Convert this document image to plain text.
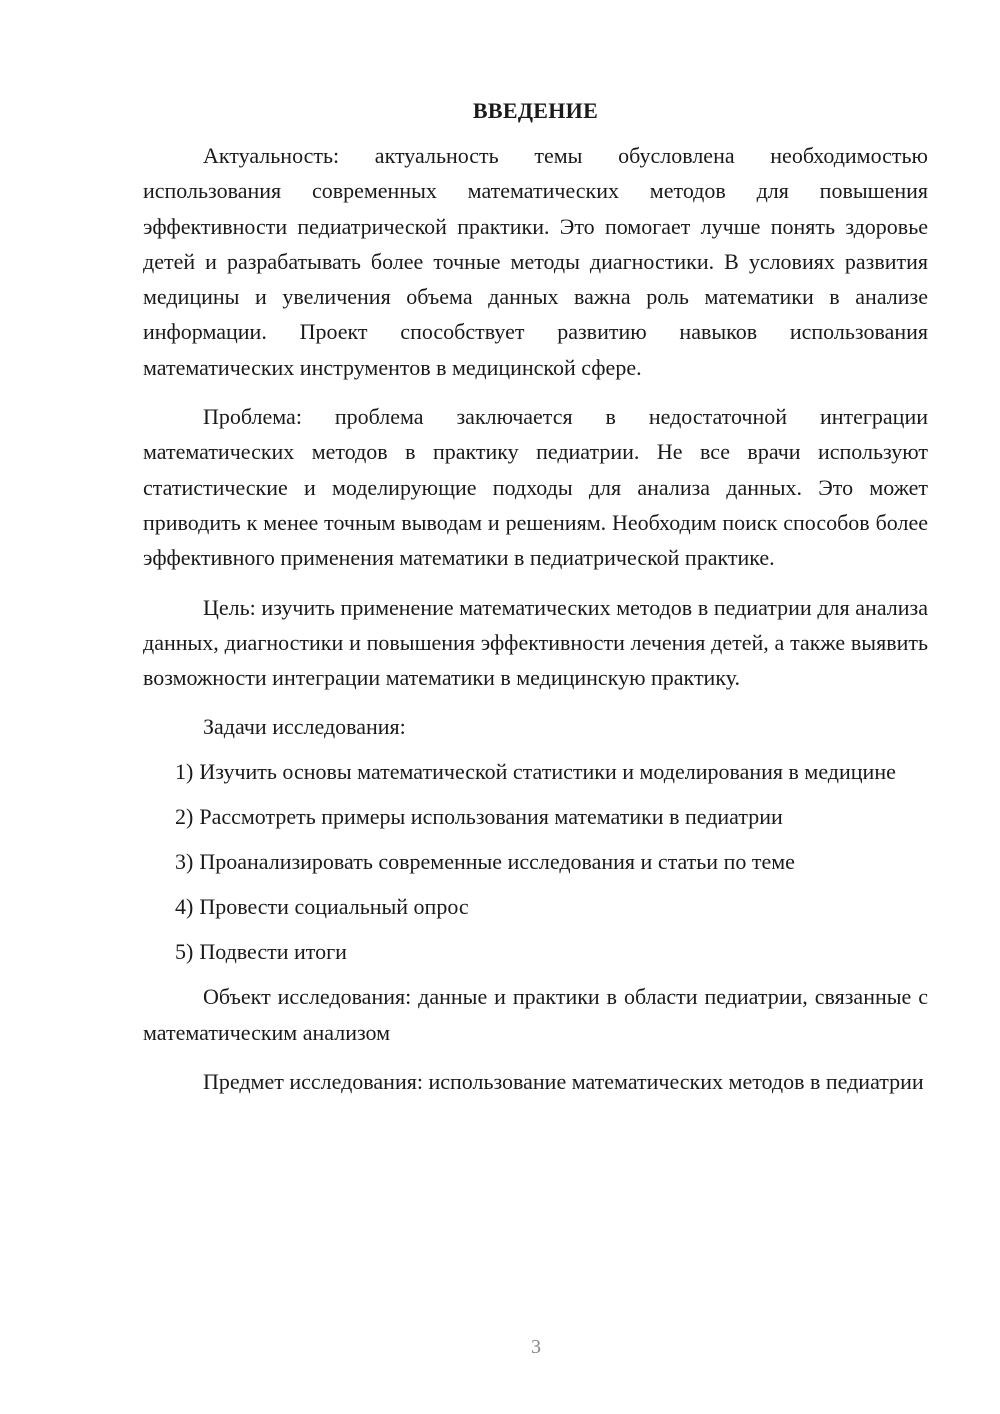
ВВЕДЕНИЕ

Актуальность: актуальность темы обусловлена необходимостью использования современных математических методов для повышения эффективности педиатрической практики. Это помогает лучше понять здоровье детей и разрабатывать более точные методы диагностики. В условиях развития медицины и увеличения объема данных важна роль математики в анализе информации. Проект способствует развитию навыков использования математических инструментов в медицинской сфере.

Проблема: проблема заключается в недостаточной интеграции математических методов в практику педиатрии. Не все врачи используют статистические и моделирующие подходы для анализа данных. Это может приводить к менее точным выводам и решениям. Необходим поиск способов более эффективного применения математики в педиатрической практике.

Цель: изучить применение математических методов в педиатрии для анализа данных, диагностики и повышения эффективности лечения детей, а также выявить возможности интеграции математики в медицинскую практику.

Задачи исследования:

1) Изучить основы математической статистики и моделирования в медицине

2) Рассмотреть примеры использования математики в педиатрии

3) Проанализировать современные исследования и статьи по теме

4) Провести социальный опрос

5) Подвести итоги

Объект исследования: данные и практики в области педиатрии, связанные с математическим анализом

Предмет исследования: использование математических методов в педиатрии

3
